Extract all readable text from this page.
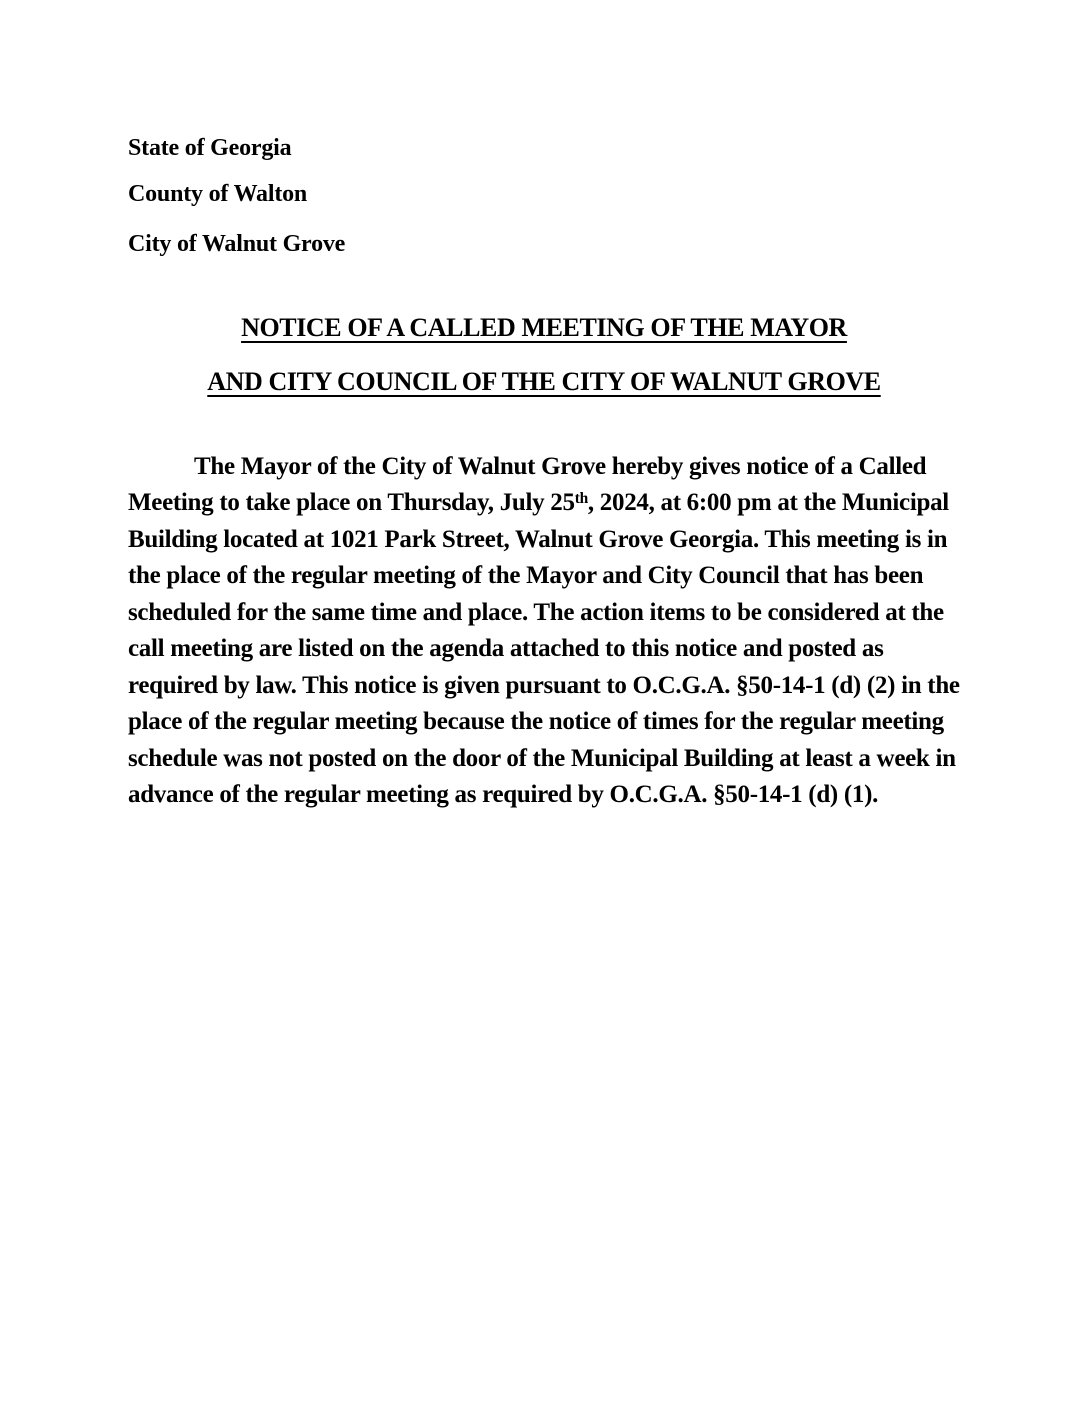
State of Georgia

County of Walton

City of Walnut Grove

NOTICE OF A CALLED MEETING OF THE MAYOR

AND CITY COUNCIL OF THE CITY OF WALNUT GROVE

The Mayor of the City of Walnut Grove hereby gives notice of a Called Meeting to take place on Thursday, July 25th, 2024, at 6:00 pm at the Municipal Building located at 1021 Park Street, Walnut Grove Georgia. This meeting is in the place of the regular meeting of the Mayor and City Council that has been scheduled for the same time and place. The action items to be considered at the call meeting are listed on the agenda attached to this notice and posted as required by law. This notice is given pursuant to O.C.G.A. §50-14-1 (d) (2) in the place of the regular meeting because the notice of times for the regular meeting schedule was not posted on the door of the Municipal Building at least a week in advance of the regular meeting as required by O.C.G.A. §50-14-1 (d) (1).
